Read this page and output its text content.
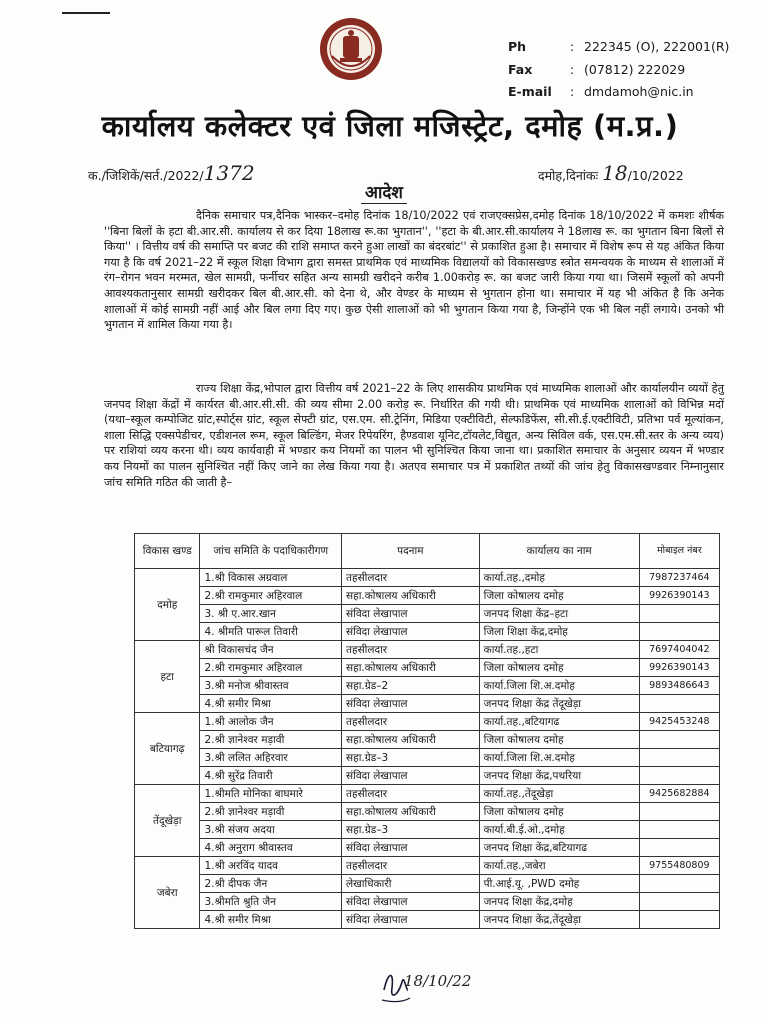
Ph	: 222345 (O), 222001(R)
Fax	: (07812) 222029
E-mail	: dmdamoh@nic.in
कार्यालय कलेक्टर एवं जिला मजिस्ट्रेट, दमोह (म.प्र.)
क./जिशिकें/सर्त./2022/1372	दमोह,दिनांकः 18/10/2022
आदेश
दैनिक समाचार पत्र,दैनिक भास्कर–दमोह दिनांक 18/10/2022 एवं राजएक्सप्रेस,दमोह दिनांक 18/10/2022 में कमशः शीर्षक ''बिना बिलों के हटा बी.आर.सी. कार्यालय से कर दिया 18लाख रू.का भुगतान'', ''हटा के बी.आर.सी.कार्यालय ने 18लाख रू. का भुगतान बिना बिलों से किया'' । वित्तीय वर्ष की समाप्ति पर बजट की राशि समाप्त करने हुआ लाखों का बंदरबांट'' से प्रकाशित हुआ है। समाचार में विशेष रूप से यह अंकित किया गया है कि वर्ष 2021–22 में स्कूल शिक्षा विभाग द्वारा समस्त प्राथमिक एवं माध्यमिक विद्यालयों को विकासखण्ड स्त्रोत समन्वयक के माध्यम से शालाओं में रंग–रोगन भवन मरम्मत, खेल सामग्री, फर्नीचर सहित अन्य सामग्री खरीदने करीब 1.00करोड़ रू. का बजट जारी किया गया था। जिसमें स्कूलों को अपनी आवश्यकतानुसार सामग्री खरीदकर बिल बी.आर.सी. को देना थे, और वेण्डर के माध्यम से भुगतान होना था। समाचार में यह भी अंकित है कि अनेक शालाओं में कोई सामग्री नहीं आई और बिल लगा दिए गए। कुछ ऐसी शालाओं को भी भुगतान किया गया है, जिन्होंने एक भी बिल नहीं लगाये। उनको भी भुगतान में शामिल किया गया है।
राज्य शिक्षा केंद्र,भोपाल द्वारा वित्तीय वर्ष 2021–22 के लिए शासकीय प्राथमिक एवं माध्यमिक शालाओं और कार्यालयीन व्ययों हेतु जनपद शिक्षा केंद्रों में कार्यरत बी.आर.सी.सी. की व्यय सीमा 2.00 करोड़ रू. निर्धारित की गयी थी। प्राथमिक एवं माध्यमिक शालाओं को विभिन्न मदों (यथा–स्कूल कम्पोजिट ग्रांट,स्पोर्ट्स ग्रांट, स्कूल सेफ्टी ग्रांट, एस.एम. सी.ट्रेनिंग, मिडिया एक्टीविटी, सेल्फडिफेंस, सी.सी.ई.एक्टीविटी, प्रतिभा पर्व मूल्यांकन, शाला सिद्धि एक्सपेडीचर, एडीशनल रूम, स्कूल बिल्डिंग, मेजर रिपेयरिंग, हैण्डवाश यूनिट,टॉयलेट,विद्युत, अन्य सिविल वर्क, एस.एम.सी.स्तर के अन्य व्यय) पर राशियां व्यय करना थी। व्यय कार्यवाही में भण्डार कय नियमों का पालन भी सुनिश्चित किया जाना था। प्रकाशित समाचार के अनुसार व्ययन में भण्डार कय नियमों का पालन सुनिश्चित नहीं किए जाने का लेख किया गया है। अतएव समाचार पत्र में प्रकाशित तथ्यों की जांच हेतु विकासखण्डवार निम्नानुसार जांच समिति गठित की जाती है–
विकास खण्ड	जांच समिति के पदाधिकारीगण	पदनाम	कार्यालय का नाम	मोबाइल नंबर
दमोह	1.श्री विकास अग्रवाल	तहसीलदार	कार्या.तह.,दमोह	7987237464
	2.श्री रामकुमार अहिरवाल	सहा.कोषालय अधिकारी	जिला कोषालय दमोह	9926390143
	3. श्री ए.आर.खान	संविदा लेखापाल	जनपद शिक्षा केंद्र–हटा	
	4. श्रीमति पारूल तिवारी	संविदा लेखापाल	जिला शिक्षा केंद्र,दमोह	
हटा	श्री विकासचंद जैन	तहसीलदार	कार्या.तह.,हटा	7697404042
	2.श्री रामकुमार अहिरवाल	सहा.कोषालय अधिकारी	जिला कोषालय दमोह	9926390143
	3.श्री मनोज श्रीवास्तव	सहा.ग्रेड–2	कार्या.जिला शि.अ.दमोह	9893486643
	4.श्री समीर मिश्रा	संविदा लेखापाल	जनपद शिक्षा केंद्र तेंदूखेड़ा	
बटियागढ़	1.श्री आलोक जैन	तहसीलदार	कार्या.तह.,बटियागढ	9425453248
	2.श्री ज्ञानेश्वर मड़ावी	सहा.कोषालय अधिकारी	जिला कोषालय दमोह	
	3.श्री ललित अहिरवार	सहा.ग्रेड–3	कार्या.जिला शि.अ.दमोह	
	4.श्री सुरेंद्र तिवारी	संविदा लेखापाल	जनपद शिक्षा केंद्र,पथरिया	
तेंदूखेड़ा	1.श्रीमति मोनिका बाघमारे	तहसीलदार	कार्या.तह.,तेंदूखेड़ा	9425682884
	2.श्री ज्ञानेश्वर मड़ावी	सहा.कोषालय अधिकारी	जिला कोषालय दमोह	
	3.श्री संजय अदया	सहा.ग्रेड–3	कार्या.बी.ई.ओ.,दमोह	
	4.श्री अनुराग श्रीवास्तव	संविदा लेखापाल	जनपद शिक्षा केंद्र,बटियागढ	
जबेरा	1.श्री अरविंद यादव	तहसीलदार	कार्या.तह.,जबेरा	9755480809
	2.श्री दीपक जैन	लेखाधिकारी	पी.आई.यू. ,PWD दमोह	
	3.श्रीमति श्रुति जैन	संविदा लेखापाल	जनपद शिक्षा केंद्र,दमोह	
	4.श्री समीर मिश्रा	संविदा लेखापाल	जनपद शिक्षा केंद्र,तेंदूखेड़ा	
18/10/22
